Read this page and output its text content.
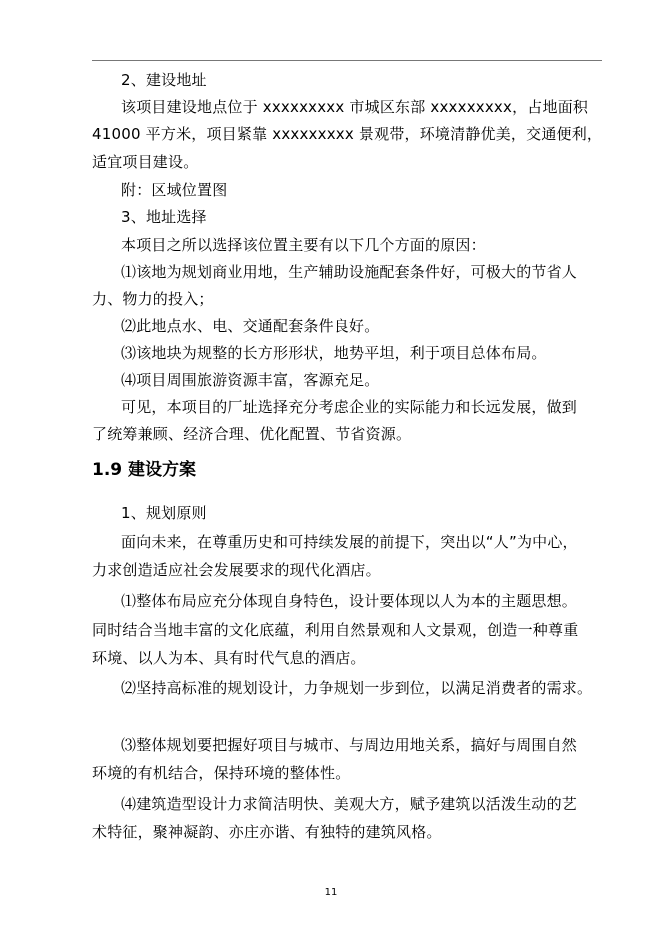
2、建设地址
该项目建设地点位于 xxxxxxxxx 市城区东部 xxxxxxxxx，占地面积
41000 平方米，项目紧靠 xxxxxxxxx 景观带，环境清静优美，交通便利，
适宜项目建设。
附：区域位置图
3、地址选择
本项目之所以选择该位置主要有以下几个方面的原因：
⑴该地为规划商业用地，生产辅助设施配套条件好，可极大的节省人
力、物力的投入；
⑵此地点水、电、交通配套条件良好。
⑶该地块为规整的长方形形状，地势平坦，利于项目总体布局。
⑷项目周围旅游资源丰富，客源充足。
可见，本项目的厂址选择充分考虑企业的实际能力和长远发展，做到
了统筹兼顾、经济合理、优化配置、节省资源。
1.9 建设方案
1、规划原则
面向未来，在尊重历史和可持续发展的前提下，突出以“人”为中心，
力求创造适应社会发展要求的现代化酒店。
⑴整体布局应充分体现自身特色，设计要体现以人为本的主题思想。
同时结合当地丰富的文化底蕴，利用自然景观和人文景观，创造一种尊重
环境、以人为本、具有时代气息的酒店。
⑵坚持高标准的规划设计，力争规划一步到位，以满足消费者的需求。
⑶整体规划要把握好项目与城市、与周边用地关系，搞好与周围自然
环境的有机结合，保持环境的整体性。
⑷建筑造型设计力求简洁明快、美观大方，赋予建筑以活泼生动的艺
术特征，聚神凝韵、亦庄亦谐、有独特的建筑风格。
11
